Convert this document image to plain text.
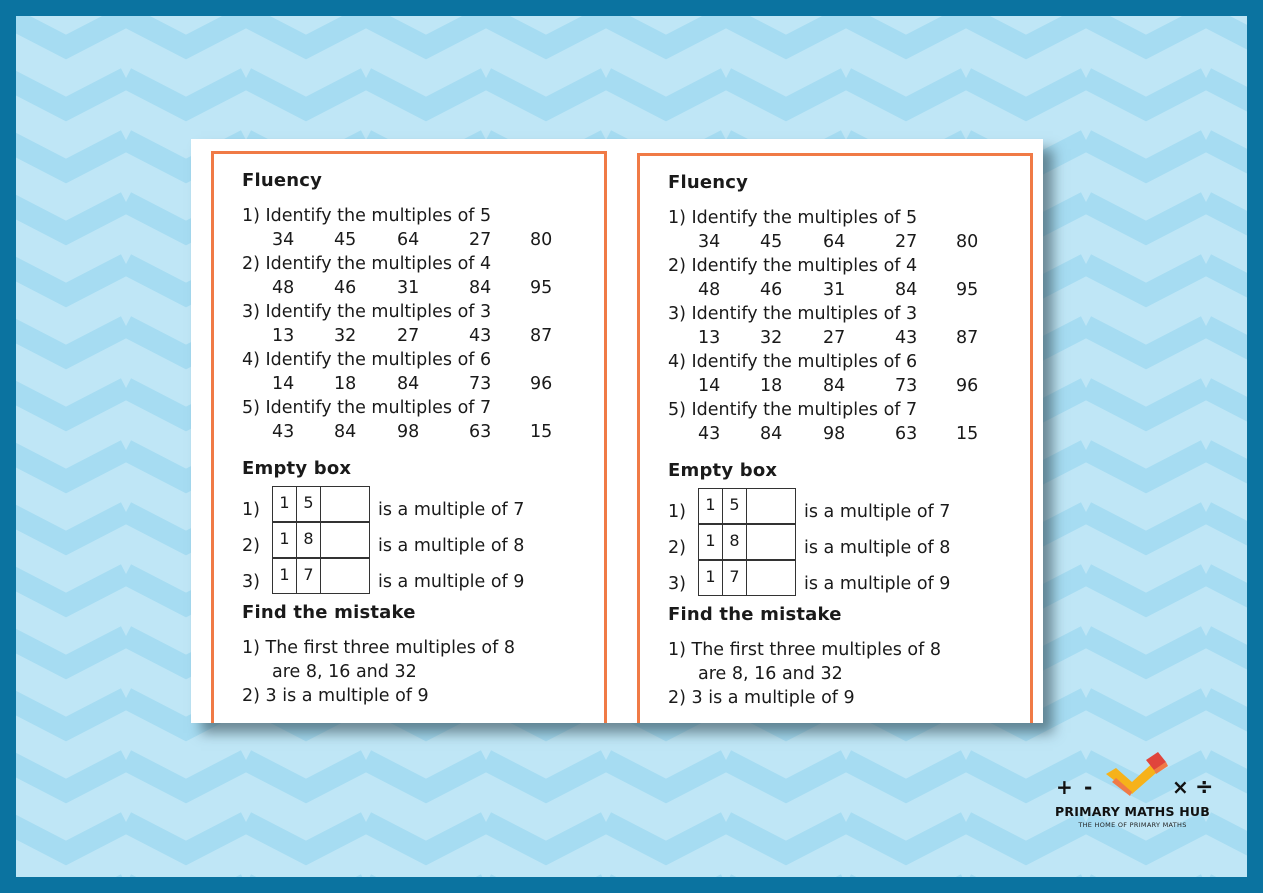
Fluency
1) Identify the multiples of 5
34	45	64	27	80
2) Identify the multiples of 4
48	46	31	84	95
3) Identify the multiples of 3
13	32	27	43	87
4) Identify the multiples of 6
14	18	84	73	96
5) Identify the multiples of 7
43	84	98	63	15
Empty box
1)	1 5	is a multiple of 7
2)	1 8	is a multiple of 8
3)	1 7	is a multiple of 9
Find the mistake
1) The first three multiples of 8
are 8, 16 and 32
2) 3 is a multiple of 9
Fluency
1) Identify the multiples of 5
34	45	64	27	80
2) Identify the multiples of 4
48	46	31	84	95
3) Identify the multiples of 3
13	32	27	43	87
4) Identify the multiples of 6
14	18	84	73	96
5) Identify the multiples of 7
43	84	98	63	15
Empty box
1)	1 5	is a multiple of 7
2)	1 8	is a multiple of 8
3)	1 7	is a multiple of 9
Find the mistake
1) The first three multiples of 8
are 8, 16 and 32
2) 3 is a multiple of 9
+ -	× ÷
PRIMARY MATHS HUB
THE HOME OF PRIMARY MATHS
